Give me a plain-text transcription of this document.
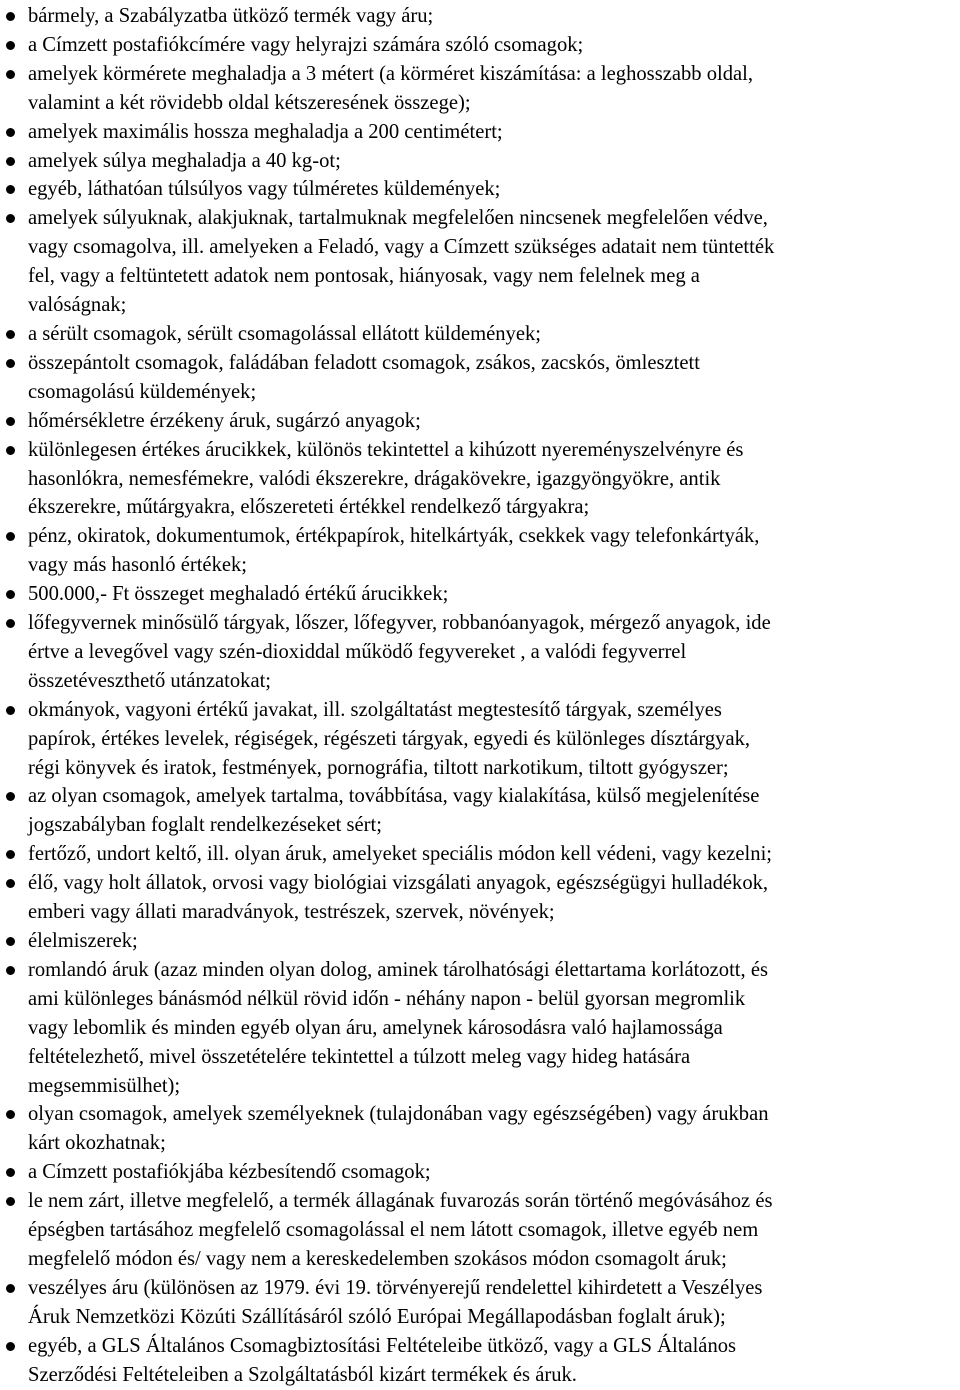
bármely, a Szabályzatba ütköző termék vagy áru;
a Címzett postafiókcímére vagy helyrajzi számára szóló csomagok;
amelyek körmérete meghaladja a 3 métert (a körméret kiszámítása: a leghosszabb oldal,
valamint a két rövidebb oldal kétszeresének összege);
amelyek maximális hossza meghaladja a 200 centimétert;
amelyek súlya meghaladja a 40 kg-ot;
egyéb, láthatóan túlsúlyos vagy túlméretes küldemények;
amelyek súlyuknak, alakjuknak, tartalmuknak megfelelően nincsenek megfelelően védve,
vagy csomagolva, ill. amelyeken a Feladó, vagy a Címzett szükséges adatait nem tüntették
fel, vagy a feltüntetett adatok nem pontosak, hiányosak, vagy nem felelnek meg a
valóságnak;
a sérült csomagok, sérült csomagolással ellátott küldemények;
összepántolt csomagok, faládában feladott csomagok, zsákos, zacskós, ömlesztett
csomagolású küldemények;
hőmérsékletre érzékeny áruk, sugárzó anyagok;
különlegesen értékes árucikkek, különös tekintettel a kihúzott nyereményszelvényre és
hasonlókra, nemesfémekre, valódi ékszerekre, drágakövekre, igazgyöngyökre, antik
ékszerekre, műtárgyakra, előszereteti értékkel rendelkező tárgyakra;
pénz, okiratok, dokumentumok, értékpapírok, hitelkártyák, csekkek vagy telefonkártyák,
vagy más hasonló értékek;
500.000,- Ft összeget meghaladó értékű árucikkek;
lőfegyvernek minősülő tárgyak, lőszer, lőfegyver, robbanóanyagok, mérgező anyagok, ide
értve a levegővel vagy szén-dioxiddal működő fegyvereket , a valódi fegyverrel
összetéveszthető utánzatokat;
okmányok, vagyoni értékű javakat, ill. szolgáltatást megtestesítő tárgyak, személyes
papírok, értékes levelek, régiségek, régészeti tárgyak, egyedi és különleges dísztárgyak,
régi könyvek és iratok, festmények, pornográfia, tiltott narkotikum, tiltott gyógyszer;
az olyan csomagok, amelyek tartalma, továbbítása, vagy kialakítása, külső megjelenítése
jogszabályban foglalt rendelkezéseket sért;
fertőző, undort keltő, ill. olyan áruk, amelyeket speciális módon kell védeni, vagy kezelni;
élő, vagy holt állatok, orvosi vagy biológiai vizsgálati anyagok, egészségügyi hulladékok,
emberi vagy állati maradványok, testrészek, szervek, növények;
élelmiszerek;
romlandó áruk (azaz minden olyan dolog, aminek tárolhatósági élettartama korlátozott, és
ami különleges bánásmód nélkül rövid időn - néhány napon - belül gyorsan megromlik
vagy lebomlik és minden egyéb olyan áru, amelynek károsodásra való hajlamossága
feltételezhető, mivel összetételére tekintettel a túlzott meleg vagy hideg hatására
megsemmisülhet);
olyan csomagok, amelyek személyeknek (tulajdonában vagy egészségében) vagy árukban
kárt okozhatnak;
a Címzett postafiókjába kézbesítendő csomagok;
le nem zárt, illetve megfelelő, a termék állagának fuvarozás során történő megóvásához és
épségben tartásához megfelelő csomagolással el nem látott csomagok, illetve egyéb nem
megfelelő módon és/ vagy nem a kereskedelemben szokásos módon csomagolt áruk;
veszélyes áru (különösen az 1979. évi 19. törvényerejű rendelettel kihirdetett a Veszélyes
Áruk Nemzetközi Közúti Szállításáról szóló Európai Megállapodásban foglalt áruk);
egyéb, a GLS Általános Csomagbiztosítási Feltételeibe ütköző, vagy a GLS Általános
Szerződési Feltételeiben a Szolgáltatásból kizárt termékek és áruk.
